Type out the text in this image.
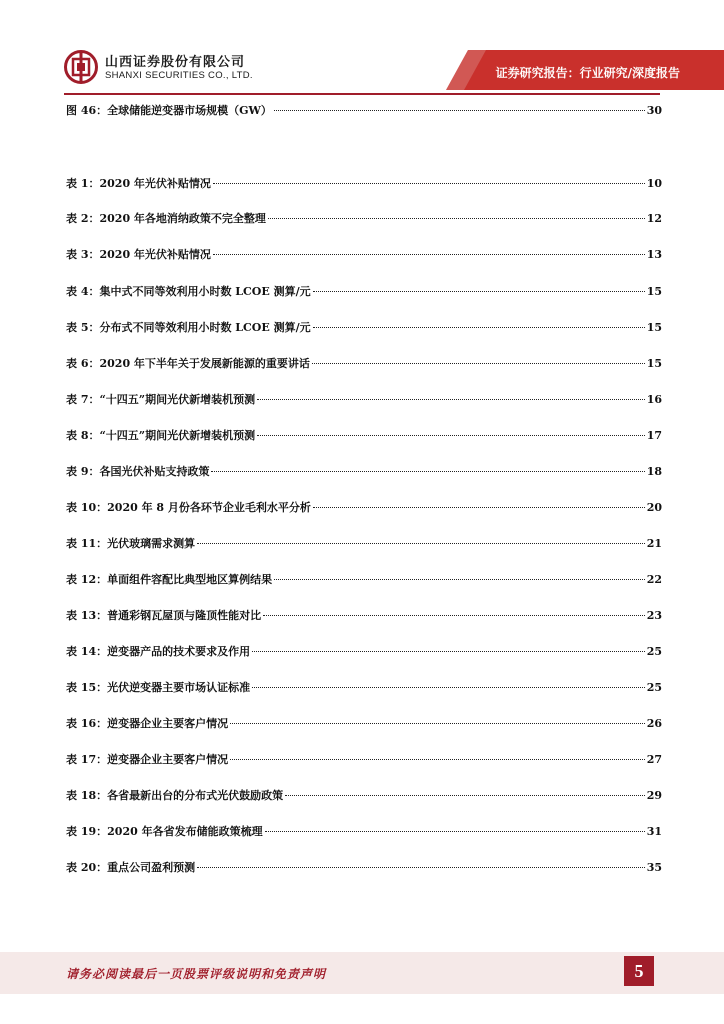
山西证券股份有限公司
SHANXI SECURITIES CO., LTD.	证券研究报告：行业研究/深度报告
图 46：全球储能逆变器市场规模（GW）	30
表 1：2020 年光伏补贴情况	10
表 2：2020 年各地消纳政策不完全整理	12
表 3：2020 年光伏补贴情况	13
表 4：集中式不同等效利用小时数 LCOE 测算/元	15
表 5：分布式不同等效利用小时数 LCOE 测算/元	15
表 6：2020 年下半年关于发展新能源的重要讲话	15
表 7：“十四五”期间光伏新增装机预测	16
表 8：“十四五”期间光伏新增装机预测	17
表 9：各国光伏补贴支持政策	18
表 10：2020 年 8 月份各环节企业毛利水平分析	20
表 11：光伏玻璃需求测算	21
表 12：单面组件容配比典型地区算例结果	22
表 13：普通彩钢瓦屋顶与隆顶性能对比	23
表 14：逆变器产品的技术要求及作用	25
表 15：光伏逆变器主要市场认证标准	25
表 16：逆变器企业主要客户情况	26
表 17：逆变器企业主要客户情况	27
表 18：各省最新出台的分布式光伏鼓励政策	29
表 19：2020 年各省发布储能政策梳理	31
表 20：重点公司盈利预测	35
请务必阅读最后一页股票评级说明和免责声明	5
